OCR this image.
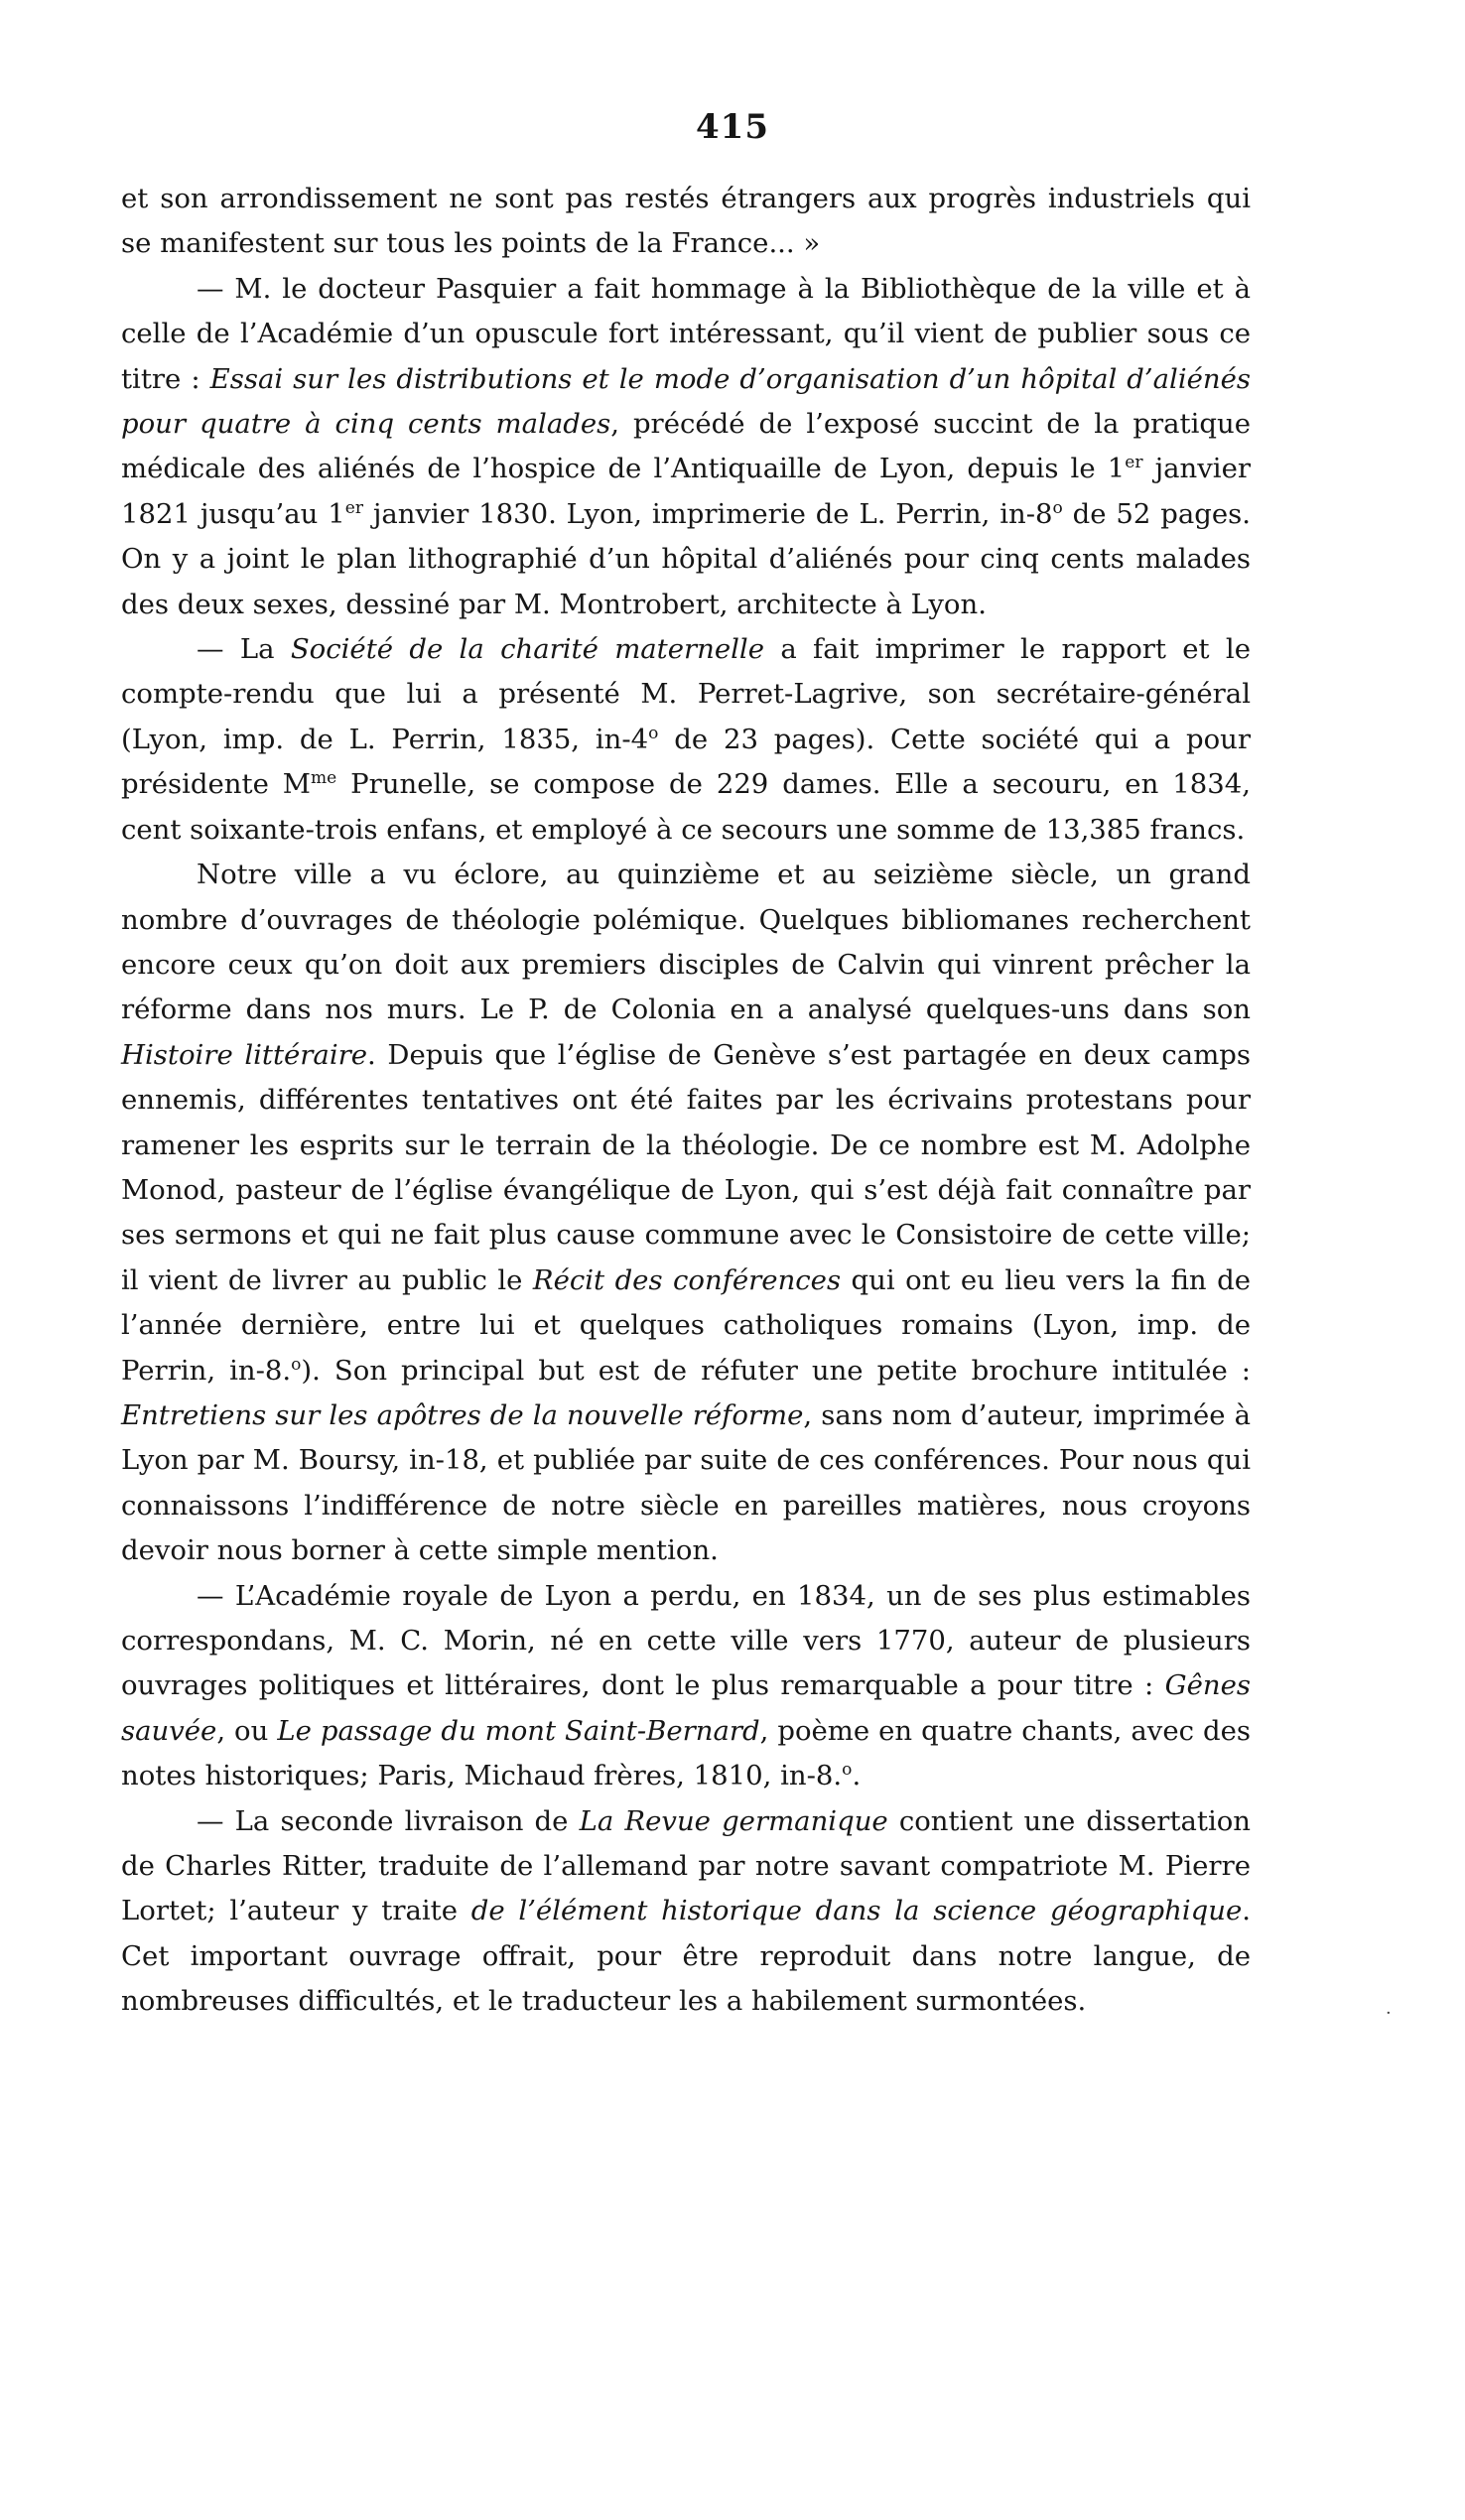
415

et son arrondissement ne sont pas restés étrangers aux progrès industriels qui se manifestent sur tous les points de la France... »

— M. le docteur Pasquier a fait hommage à la Bibliothèque de la ville et à celle de l’Académie d’un opuscule fort intéressant, qu’il vient de publier sous ce titre : Essai sur les distributions et le mode d’organisation d’un hôpital d’aliénés pour quatre à cinq cents malades, précédé de l’exposé succint de la pratique médicale des aliénés de l’hospice de l’Antiquaille de Lyon, depuis le 1er janvier 1821 jusqu’au 1er janvier 1830. Lyon, imprimerie de L. Perrin, in-8$^o$ de 52 pages. On y a joint le plan lithographié d’un hôpital d’aliénés pour cinq cents malades des deux sexes, dessiné par M. Montrobert, architecte à Lyon.

— La Société de la charité maternelle a fait imprimer le rapport et le compte-rendu que lui a présenté M. Perret-Lagrive, son secrétaire-général (Lyon, imp. de L. Perrin, 1835, in-4$^o$ de 23 pages). Cette société qui a pour présidente $M^{me}$ Prunelle, se compose de 229 dames. Elle a secouru, en 1834, cent soixante-trois enfans, et employé à ce secours une somme de 13,385 francs.

Notre ville a vu éclore, au quinzième et au seizième siècle, un grand nombre d’ouvrages de théologie polémique. Quelques bibliomanes recherchent encore ceux qu’on doit aux premiers disciples de Calvin qui vinrent prêcher la réforme dans nos murs. Le P. de Colonia en a analysé quelques-uns dans son Histoire littéraire. Depuis que l’église de Genève s’est partagée en deux camps ennemis, différentes tentatives ont été faites par les écrivains protestans pour ramener les esprits sur le terrain de la théologie. De ce nombre est M. Adolphe Monod, pasteur de l’église évangélique de Lyon, qui s’est déjà fait connaître par ses sermons et qui ne fait plus cause commune avec le Consistoire de cette ville; il vient de livrer au public le Récit des conférences qui ont eu lieu vers la fin de l’année dernière, entre lui et quelques catholiques romains (Lyon, imp. de Perrin, in-8.$^o$). Son principal but est de réfuter une petite brochure intitulée : Entretiens sur les apôtres de la nouvelle réforme, sans nom d’auteur, imprimée à Lyon par M. Boursy, in-18, et publiée par suite de ces conférences. Pour nous qui connaissons l’indifférence de notre siècle en pareilles matières, nous croyons devoir nous borner à cette simple mention.

— L’Académie royale de Lyon a perdu, en 1834, un de ses plus estimables correspondans, M. C. Morin, né en cette ville vers 1770, auteur de plusieurs ouvrages politiques et littéraires, dont le plus remarquable a pour titre : Gênes sauvée, ou Le passage du mont Saint-Bernard, poème en quatre chants, avec des notes historiques; Paris, Michaud frères, 1810, in-8.$^o$.

— La seconde livraison de La Revue germanique contient une dissertation de Charles Ritter, traduite de l’allemand par notre savant compatriote M. Pierre Lortet; l’auteur y traite de l’élément historique dans la science géographique. Cet important ouvrage offrait, pour être reproduit dans notre langue, de nombreuses difficultés, et le traducteur les a habilement surmontées.	·
